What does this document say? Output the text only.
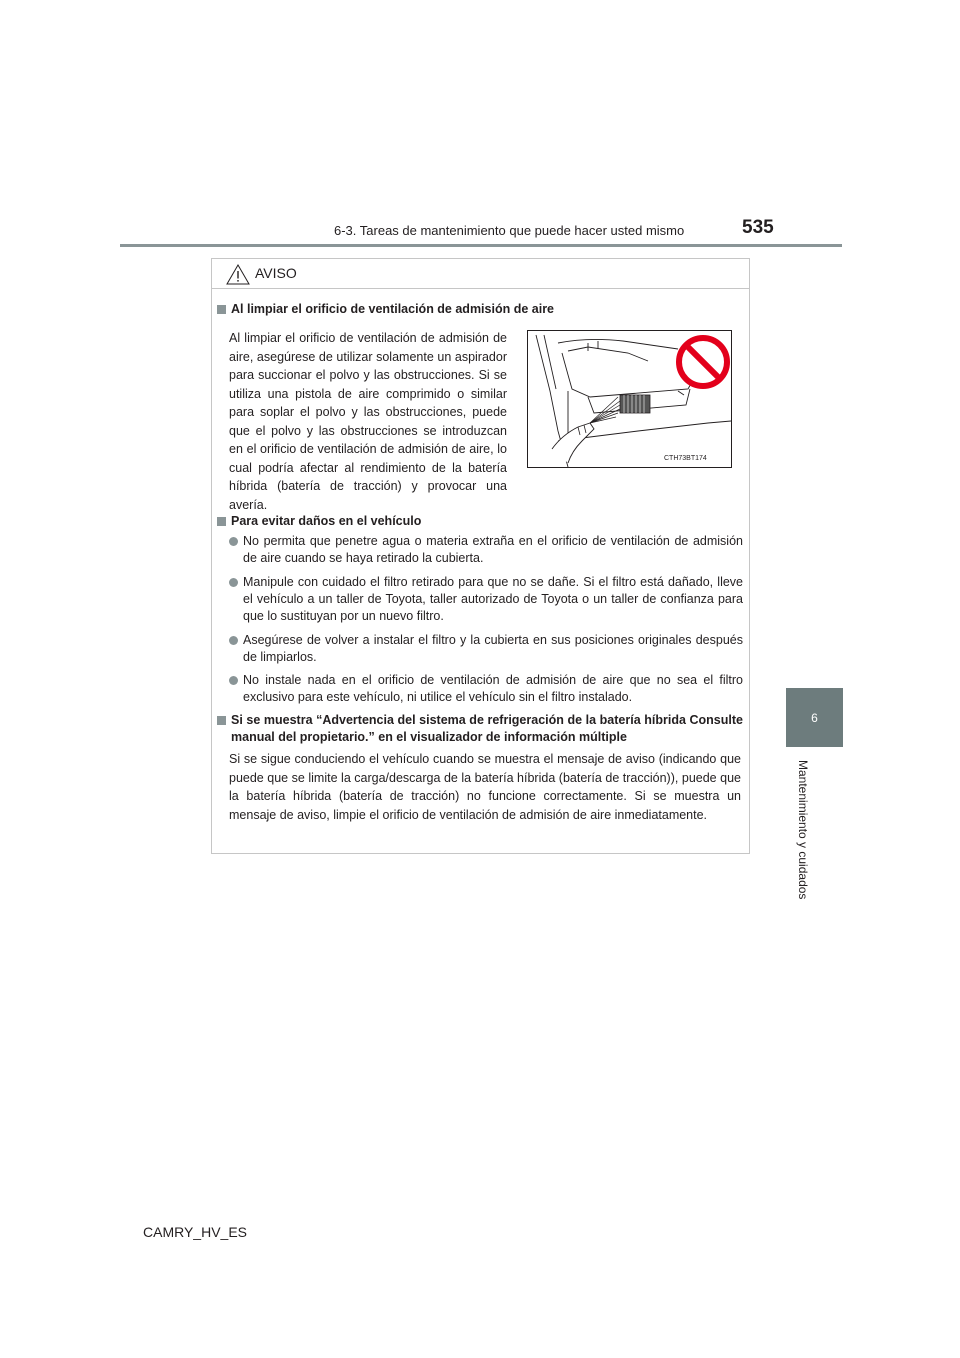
6-3. Tareas de mantenimiento que puede hacer usted mismo	535
6
Mantenimiento y cuidados
AVISO
Al limpiar el orificio de ventilación de admisión de aire
Al limpiar el orificio de ventilación de admisión de aire, asegúrese de utilizar solamente un aspirador para succionar el polvo y las obstrucciones. Si se utiliza una pistola de aire comprimido o similar para soplar el polvo y las obstrucciones, puede que el polvo y las obstrucciones se introduzcan en el orificio de ventilación de admisión de aire, lo cual podría afectar al rendimiento de la batería híbrida (batería de tracción) y provocar una avería.
CTH73BT174
Para evitar daños en el vehículo
No permita que penetre agua o materia extraña en el orificio de ventilación de admisión de aire cuando se haya retirado la cubierta.
Manipule con cuidado el filtro retirado para que no se dañe. Si el filtro está dañado, lleve el vehículo a un taller de Toyota, taller autorizado de Toyota o un taller de confianza para que lo sustituyan por un nuevo filtro.
Asegúrese de volver a instalar el filtro y la cubierta en sus posiciones originales después de limpiarlos.
No instale nada en el orificio de ventilación de admisión de aire que no sea el filtro exclusivo para este vehículo, ni utilice el vehículo sin el filtro instalado.
Si se muestra “Advertencia del sistema de refrigeración de la batería híbrida Consulte manual del propietario.” en el visualizador de información múltiple
Si se sigue conduciendo el vehículo cuando se muestra el mensaje de aviso (indicando que puede que se limite la carga/descarga de la batería híbrida (batería de tracción)), puede que la batería híbrida (batería de tracción) no funcione correctamente. Si se muestra un mensaje de aviso, limpie el orificio de ventilación de admisión de aire inmediatamente.
CAMRY_HV_ES
